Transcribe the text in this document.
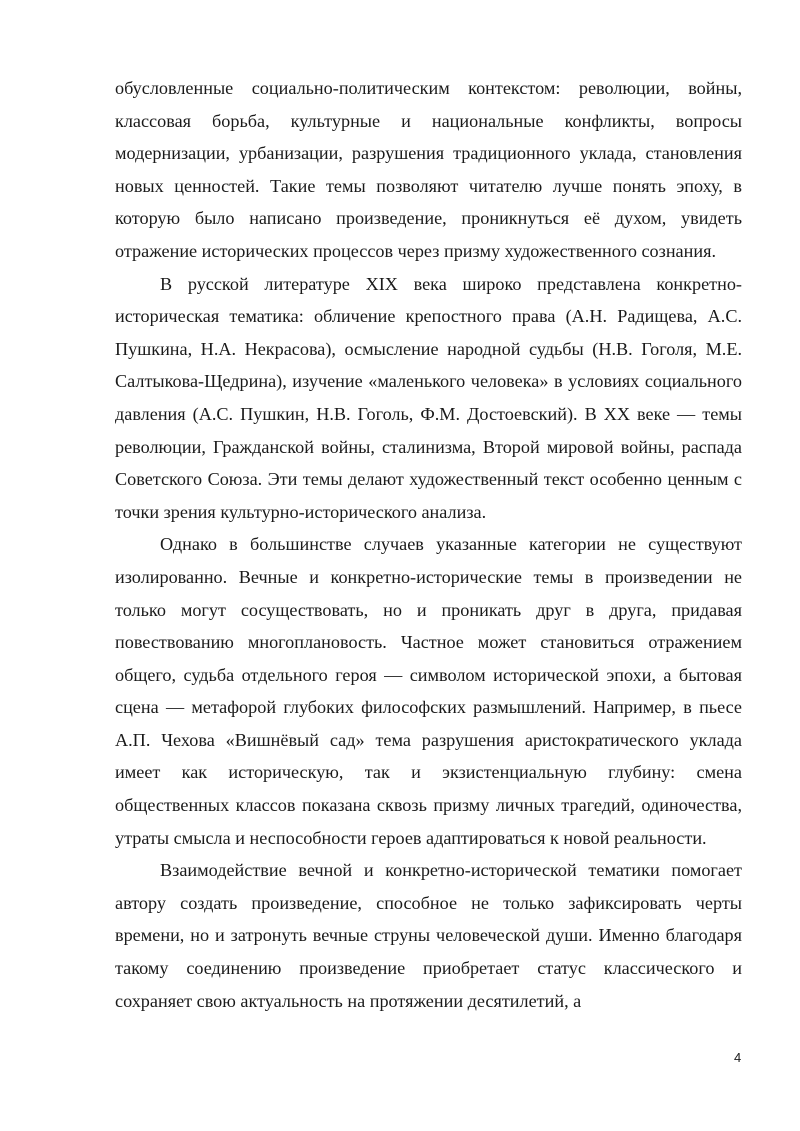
обусловленные социально-политическим контекстом: революции, войны, классовая борьба, культурные и национальные конфликты, вопросы модернизации, урбанизации, разрушения традиционного уклада, становления новых ценностей. Такие темы позволяют читателю лучше понять эпоху, в которую было написано произведение, проникнуться её духом, увидеть отражение исторических процессов через призму художественного сознания.

В русской литературе XIX века широко представлена конкретно-историческая тематика: обличение крепостного права (А.Н. Радищева, А.С. Пушкина, Н.А. Некрасова), осмысление народной судьбы (Н.В. Гоголя, М.Е. Салтыкова-Щедрина), изучение «маленького человека» в условиях социального давления (А.С. Пушкин, Н.В. Гоголь, Ф.М. Достоевский). В XX веке — темы революции, Гражданской войны, сталинизма, Второй мировой войны, распада Советского Союза. Эти темы делают художественный текст особенно ценным с точки зрения культурно-исторического анализа.

Однако в большинстве случаев указанные категории не существуют изолированно. Вечные и конкретно-исторические темы в произведении не только могут сосуществовать, но и проникать друг в друга, придавая повествованию многоплановость. Частное может становиться отражением общего, судьба отдельного героя — символом исторической эпохи, а бытовая сцена — метафорой глубоких философских размышлений. Например, в пьесе А.П. Чехова «Вишнёвый сад» тема разрушения аристократического уклада имеет как историческую, так и экзистенциальную глубину: смена общественных классов показана сквозь призму личных трагедий, одиночества, утраты смысла и неспособности героев адаптироваться к новой реальности.

Взаимодействие вечной и конкретно-исторической тематики помогает автору создать произведение, способное не только зафиксировать черты времени, но и затронуть вечные струны человеческой души. Именно благодаря такому соединению произведение приобретает статус классического и сохраняет свою актуальность на протяжении десятилетий, а

4
